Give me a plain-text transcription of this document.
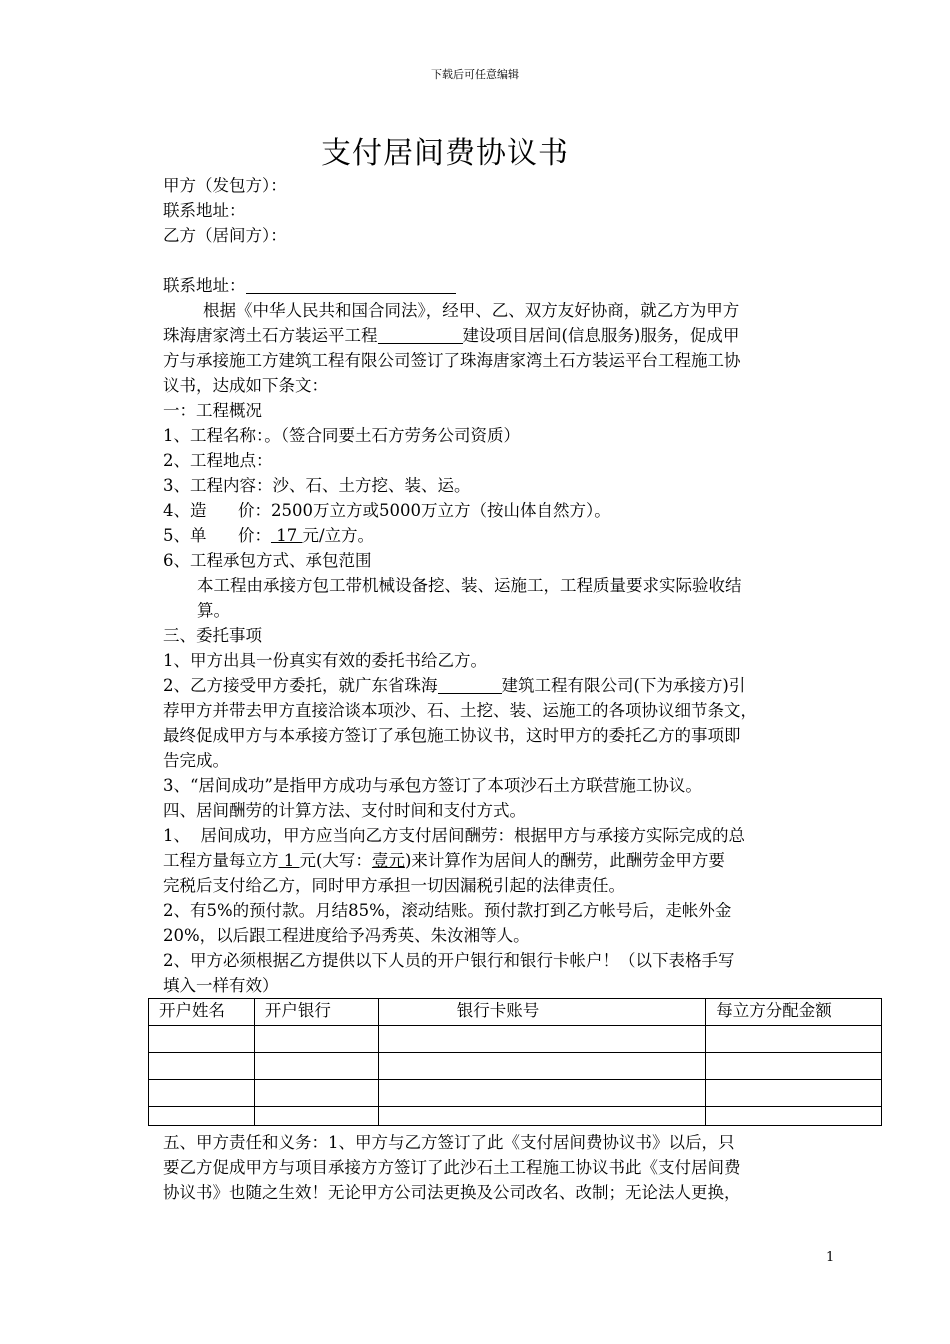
下载后可任意编辑
支付居间费协议书
甲方（发包方）：
联系地址：
乙方（居间方）：
联系地址：
根据《中华人民共和国合同法》，经甲、乙、双方友好协商，就乙方为甲方
珠海唐家湾土石方装运平工程	建设项目居间(信息服务)服务，促成甲
方与承接施工方建筑工程有限公司签订了珠海唐家湾土石方装运平台工程施工协
议书，达成如下条文：
一：工程概况
1、工程名称：。（签合同要土石方劳务公司资质）
2、工程地点：
3、工程内容：沙、石、土方挖、装、运。
4、造      价：2500万立方或5000万立方（按山体自然方）。
5、单      价： 17 元/立方。
6、工程承包方式、承包范围
本工程由承接方包工带机械设备挖、装、运施工，工程质量要求实际验收结
算。
三、委托事项
1、甲方出具一份真实有效的委托书给乙方。
2、乙方接受甲方委托，就广东省珠海	建筑工程有限公司(下为承接方)引
荐甲方并带去甲方直接洽谈本项沙、石、土挖、装、运施工的各项协议细节条文，
最终促成甲方与本承接方签订了承包施工协议书，这时甲方的委托乙方的事项即
告完成。
3、“居间成功”是指甲方成功与承包方签订了本项沙石土方联营施工协议。
四、居间酬劳的计算方法、支付时间和支付方式。
1、  居间成功，甲方应当向乙方支付居间酬劳：根据甲方与承接方实际完成的总
工程方量每立方 1 元(大写：壹元)来计算作为居间人的酬劳，此酬劳金甲方要
完税后支付给乙方，同时甲方承担一切因漏税引起的法律责任。
2、有5%的预付款。月结85%，滚动结账。预付款打到乙方帐号后，走帐外金
20%，以后跟工程进度给予冯秀英、朱汝湘等人。
2、甲方必须根据乙方提供以下人员的开户银行和银行卡帐户！（以下表格手写
填入一样有效）
开户姓名	开户银行	银行卡账号	每立方分配金额

五、甲方责任和义务：1、甲方与乙方签订了此《支付居间费协议书》以后，只
要乙方促成甲方与项目承接方方签订了此沙石土工程施工协议书此《支付居间费
协议书》也随之生效！无论甲方公司法更换及公司改名、改制；无论法人更换，
1
